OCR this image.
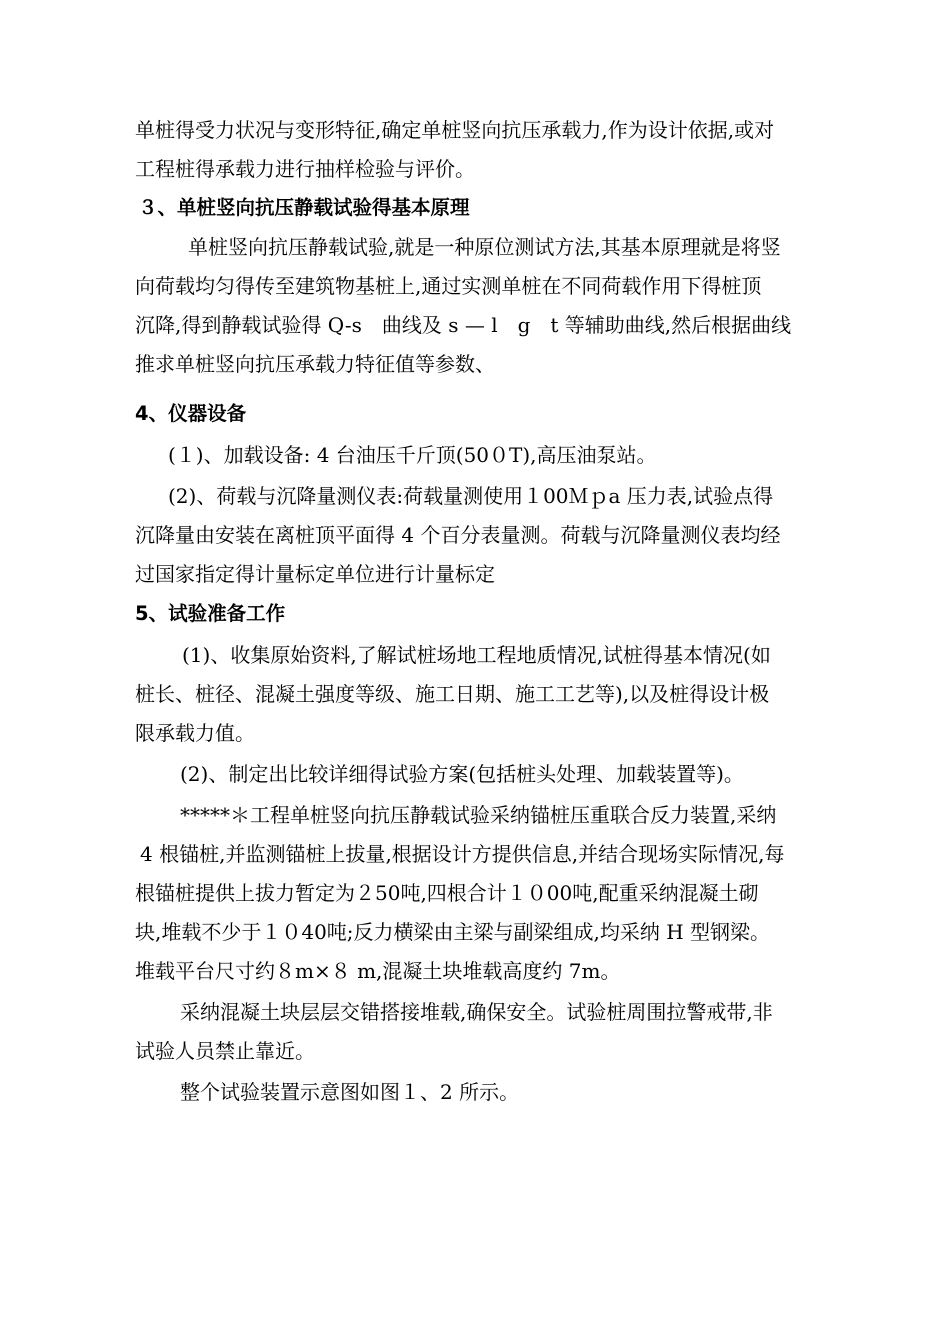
单桩得受力状况与变形特征,确定单桩竖向抗压承载力,作为设计依据,或对
工程桩得承载力进行抽样检验与评价。
３、单桩竖向抗压静载试验得基本原理
单桩竖向抗压静载试验,就是一种原位测试方法,其基本原理就是将竖
向荷载均匀得传至建筑物基桩上,通过实测单桩在不同荷载作用下得桩顶
沉降,得到静载试验得 Q-s　曲线及 s — l　g　t 等辅助曲线,然后根据曲线
推求单桩竖向抗压承载力特征值等参数、
4、仪器设备
(１)、加载设备: 4 台油压千斤顶(50０T),高压油泵站。
(2)、荷载与沉降量测仪表:荷载量测使用１00Ｍｐa 压力表,试验点得
沉降量由安装在离桩顶平面得 4 个百分表量测。荷载与沉降量测仪表均经
过国家指定得计量标定单位进行计量标定
5、试验准备工作
(1)、收集原始资料,了解试桩场地工程地质情况,试桩得基本情况(如
桩长、桩径、混凝土强度等级、施工日期、施工工艺等),以及桩得设计极
限承载力值。
(2)、制定出比较详细得试验方案(包括桩头处理、加载装置等)。
*****＊工程单桩竖向抗压静载试验采纳锚桩压重联合反力装置,采纳
4 根锚桩,并监测锚桩上拔量,根据设计方提供信息,并结合现场实际情况,每
根锚桩提供上拔力暂定为２50吨,四根合计１０00吨,配重采纳混凝土砌
块,堆载不少于１０40吨;反力横梁由主梁与副梁组成,均采纳 H 型钢梁。
堆载平台尺寸约８m×８ m,混凝土块堆载高度约 7m。
采纳混凝土块层层交错搭接堆载,确保安全。试验桩周围拉警戒带,非
试验人员禁止靠近。
整个试验装置示意图如图１、2 所示。
